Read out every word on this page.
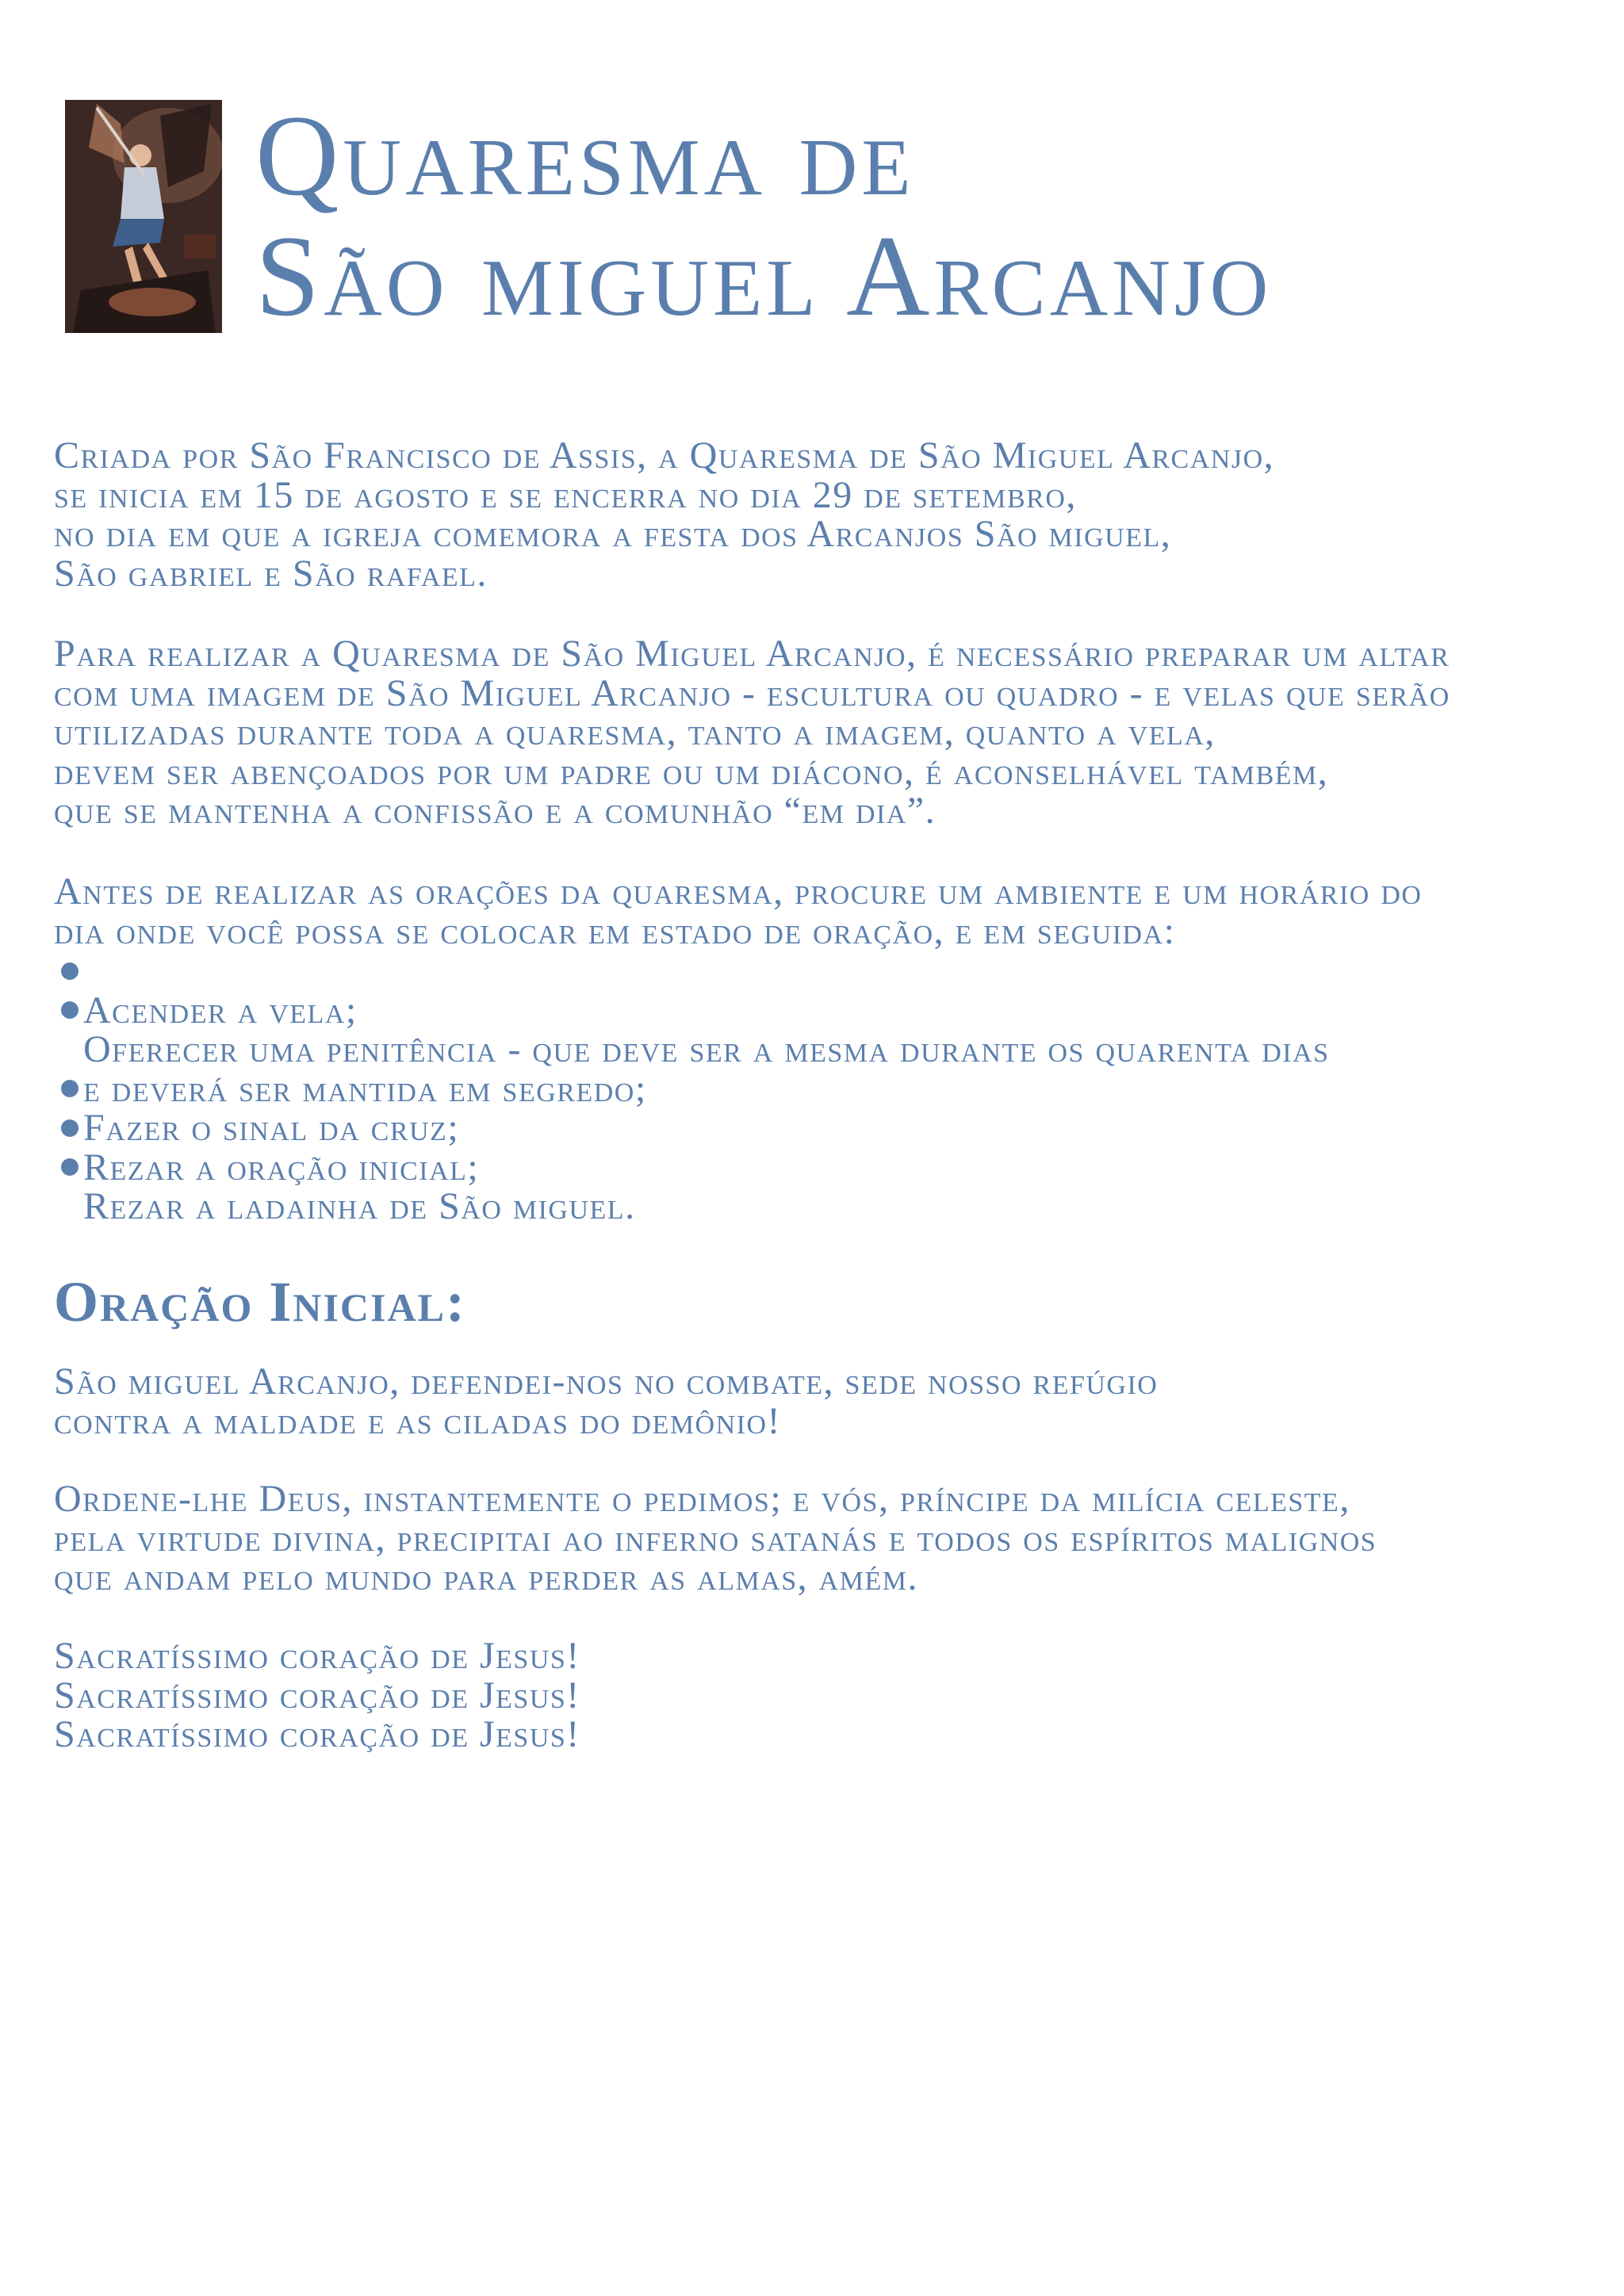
Quaresma de
São miguel Arcanjo
Criada por São Francisco de Assis, a Quaresma de São Miguel Arcanjo,
se inicia em 15 de agosto e se encerra no dia 29 de setembro,
no dia em que a igreja comemora a festa dos Arcanjos São miguel,
São gabriel e São rafael.
Para realizar a Quaresma de São Miguel Arcanjo, é necessário preparar um altar
com uma imagem de São Miguel Arcanjo - escultura ou quadro - e velas que serão
utilizadas durante toda a quaresma, tanto a imagem, quanto a vela,
devem ser abençoados por um padre ou um diácono, é aconselhável também,
que se mantenha a confissão e a comunhão “em dia”.
Antes de realizar as orações da quaresma, procure um ambiente e um horário do
dia onde você possa se colocar em estado de oração, e em seguida:
Acender a vela;
Oferecer uma penitência - que deve ser a mesma durante os quarenta dias
e deverá ser mantida em segredo;
Fazer o sinal da cruz;
Rezar a oração inicial;
Rezar a ladainha de São miguel.
Oração Inicial:
São miguel Arcanjo, defendei-nos no combate, sede nosso refúgio
contra a maldade e as ciladas do demônio!
Ordene-lhe Deus, instantemente o pedimos; e vós, príncipe da milícia celeste,
pela virtude divina, precipitai ao inferno satanás e todos os espíritos malignos
que andam pelo mundo para perder as almas, amém.
Sacratíssimo coração de Jesus!
Sacratíssimo coração de Jesus!
Sacratíssimo coração de Jesus!
